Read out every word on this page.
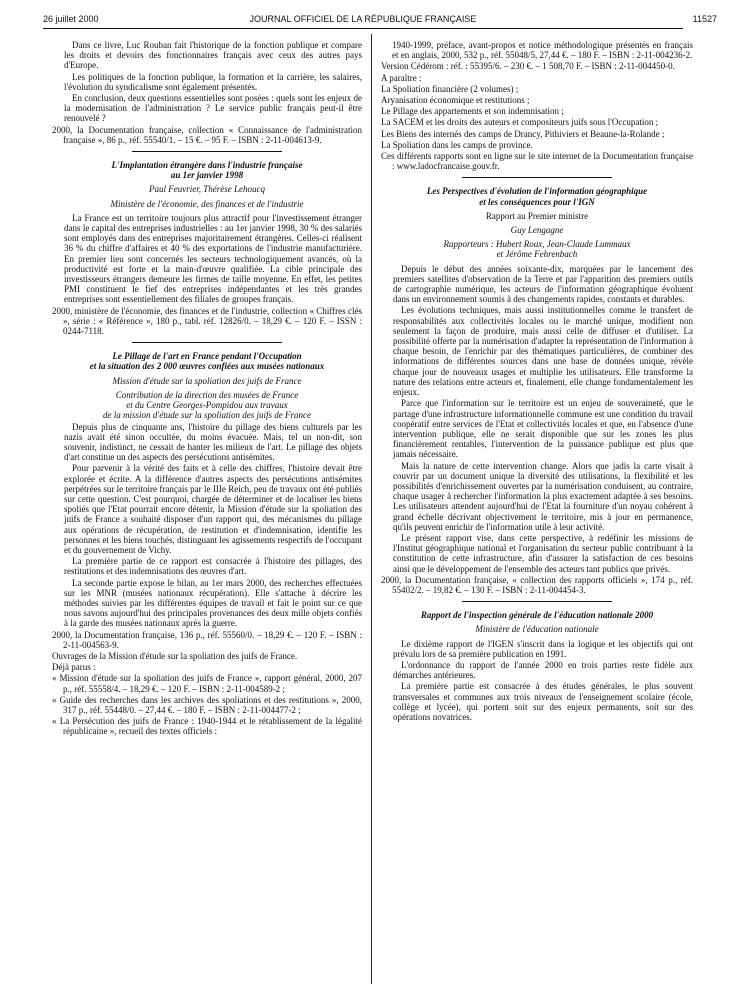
26 juillet 2000	JOURNAL OFFICIEL DE LA RÉPUBLIQUE FRANÇAISE	11527

Dans ce livre, Luc Rouban fait l'historique de la fonction publique et compare les droits et devoirs des fonctionnaires français avec ceux des autres pays d'Europe.

Les politiques de la fonction publique, la formation et la carrière, les salaires, l'évolution du syndicalisme sont également présentés.

En conclusion, deux questions essentielles sont posées : quels sont les enjeux de la modernisation de l'administration ? Le service public français peut-il être renouvelé ?

2000, la Documentation française, collection « Connaissance de l'administration française », 86 p., réf. 55540/1. – 15 €. – 95 F. – ISBN : 2-11-004613-9.

L'Implantation étrangère dans l'industrie française
au 1er janvier 1998
Paul Feuvrier, Thérèse Lehoucq
Ministère de l'économie, des finances et de l'industrie

La France est un territoire toujours plus attractif pour l'investissement étranger dans le capital des entreprises industrielles : au 1er janvier 1998, 30 % des salariés sont employés dans des entreprises majoritairement étrangères. Celles-ci réalisent 36 % du chiffre d'affaires et 40 % des exportations de l'industrie manufacturière. En premier lieu sont concernés les secteurs technologiquement avancés, où la productivité est forte et la main-d'œuvre qualifiée. La cible principale des investisseurs étrangers demeure les firmes de taille moyenne. En effet, les petites PMI constituent le fief des entreprises indépendantes et les très grandes entreprises sont essentiellement des filiales de groupes français.

2000, ministère de l'économie, des finances et de l'industrie, collection « Chiffres clés », série : « Référence », 180 p., tabl. réf. 12826/0. – 18,29 €. – 120 F. – ISSN : 0244-7118.

Le Pillage de l'art en France pendant l'Occupation
et la situation des 2 000 œuvres confiées aux musées nationaux
Mission d'étude sur la spoliation des juifs de France
Contribution de la direction des musées de France
et du Centre Georges-Pompidou aux travaux
de la mission d'étude sur la spoliation des juifs de France

Depuis plus de cinquante ans, l'histoire du pillage des biens culturels par les nazis avait été sinon occultée, du moins évacuée. Mais, tel un non-dit, son souvenir, indistinct, ne cessait de hanter les milieux de l'art. Le pillage des objets d'art constitue un des aspects des persécutions antisémites.

Pour parvenir à la vérité des faits et à celle des chiffres, l'histoire devait être explorée et écrite. A la différence d'autres aspects des persécutions antisémites perpétrées sur le territoire français par le IIIe Reich, peu de travaux ont été publiés sur cette question. C'est pourquoi, chargée de déterminer et de localiser les biens spoliés que l'Etat pourrait encore détenir, la Mission d'étude sur la spoliation des juifs de France a souhaité disposer d'un rapport qui, des mécanismes du pillage aux opérations de récupération, de restitution et d'indemnisation, identifie les personnes et les biens touchés, distinguant les agissements respectifs de l'occupant et du gouvernement de Vichy.

La première partie de ce rapport est consacrée à l'histoire des pillages, des restitutions et des indemnisations des œuvres d'art.

La seconde partie expose le bilan, au 1er mars 2000, des recherches effectuées sur les MNR (musées nationaux récupération). Elle s'attache à décrire les méthodes suivies par les différentes équipes de travail et fait le point sur ce que nous savons aujourd'hui des principales provenances des deux mille objets confiés à la garde des musées nationaux après la guerre.

2000, la Documentation française, 136 p., réf. 55560/0. – 18,29 €. – 120 F. – ISBN : 2-11-004563-9.

Ouvrages de la Mission d'étude sur la spoliation des juifs de France.

Déjà parus :

« Mission d'étude sur la spoliation des juifs de France », rapport général, 2000, 207 p., réf. 55558/4. – 18,29 €. – 120 F. – ISBN : 2-11-004589-2 ;

« Guide des recherches dans les archives des spoliations et des restitutions », 2000, 317 p., réf. 55448/0. – 27,44 €. – 180 F. – ISBN : 2-11-004477-2 ;

« La Persécution des juifs de France : 1940-1944 et le rétablissement de la légalité républicaine », recueil des textes officiels :

1940-1999, préface, avant-propos et notice méthodologique présentés en français et en anglais, 2000, 532 p., réf. 55048/5, 27,44 €. – 180 F. – ISBN : 2-11-004236-2.

Version Cédérom : réf. : 55395/6. – 230 €. – 1 508,70 F. – ISBN : 2-11-004450-0.

A paraître :

La Spoliation financière (2 volumes) ;

Aryanisation économique et restitutions ;

Le Pillage des appartements et son indemnisation ;

La SACEM et les droits des auteurs et compositeurs juifs sous l'Occupation ;

Les Biens des internés des camps de Drancy, Pithiviers et Beaune-la-Rolande ;

La Spoliation dans les camps de province.

Ces différents rapports sont en ligne sur le site internet de la Documentation française : www.ladocfrancaise.gouv.fr.

Les Perspectives d'évolution de l'information géographique
et les conséquences pour l'IGN
Rapport au Premier ministre
Guy Lengagne
Rapporteurs : Hubert Roux, Jean-Claude Lummaux
et Jérôme Fehrenbach

Depuis le début des années soixante-dix, marquées par le lancement des premiers satellites d'observation de la Terre et par l'apparition des premiers outils de cartographie numérique, les acteurs de l'information géographique évoluent dans un environnement soumis à des changements rapides, constants et durables.

Les évolutions techniques, mais aussi institutionnelles comme le transfert de responsabilités aux collectivités locales ou le marché unique, modifient non seulement la façon de produire, mais aussi celle de diffuser et d'utiliser. La possibilité offerte par la numérisation d'adapter la représentation de l'information à chaque besoin, de l'enrichir par des thématiques particulières, de combiner des informations de différentes sources dans une base de données unique, révèle chaque jour de nouveaux usages et multiplie les utilisateurs. Elle transforme la nature des relations entre acteurs et, finalement, elle change fondamentalement les enjeux.

Parce que l'information sur le territoire est un enjeu de souveraineté, que le partage d'une infrastructure informationnelle commune est une condition du travail coopératif entre services de l'Etat et collectivités locales et que, en l'absence d'une intervention publique, elle ne serait disponible que sur les zones les plus financièrement rentables, l'intervention de la puissance publique est plus que jamais nécessaire.

Mais la nature de cette intervention change. Alors que jadis la carte visait à couvrir par un document unique la diversité des utilisations, la flexibilité et les possibilités d'enrichissement ouvertes par la numérisation conduisent, au contraire, chaque usager à rechercher l'information la plus exactement adaptée à ses besoins. Les utilisateurs attendent aujourd'hui de l'Etat la fourniture d'un noyau cohérent à grand échelle décrivant objectivement le territoire, mis à jour en permanence, qu'ils peuvent enrichir de l'information utile à leur activité.

Le présent rapport vise, dans cette perspective, à redéfinir les missions de l'Institut géographique national et l'organisation du secteur public contribuant à la constitution de cette infrastructure, afin d'assurer la satisfaction de ces besoins ainsi que le développement de l'ensemble des acteurs tant publics que privés.

2000, la Documentation française, « collection des rapports officiels », 174 p., réf. 55402/2. – 19,82 €. – 130 F. – ISBN : 2-11-004454-3.

Rapport de l'inspection générale de l'éducation nationale 2000
Ministère de l'éducation nationale

Le dixième rapport de l'IGEN s'inscrit dans la logique et les objectifs qui ont prévalu lors de sa première publication en 1991.

L'ordonnance du rapport de l'année 2000 en trois parties reste fidèle aux démarches antérieures.

La première partie est consacrée à des études générales, le plus souvent transversales et communes aux trois niveaux de l'enseignement scolaire (école, collège et lycée), qui portent soit sur des enjeux permanents, soit sur des opérations novatrices.
